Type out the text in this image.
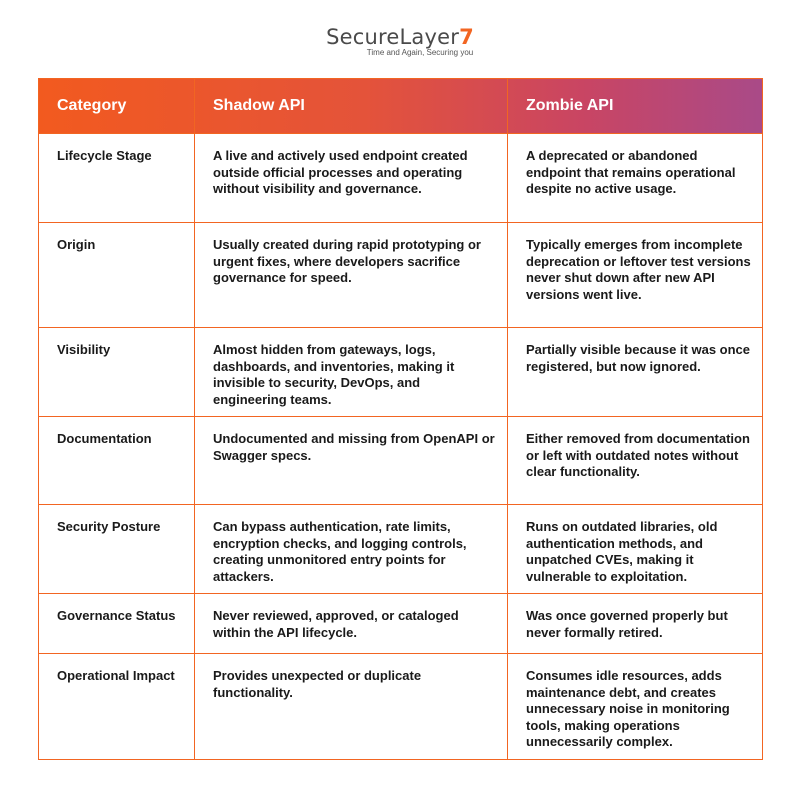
SecureLayer7
Time and Again, Securing you
Category	Shadow API	Zombie API
Lifecycle Stage	A live and actively used endpoint created outside official processes and operating without visibility and governance.	A deprecated or abandoned endpoint that remains operational despite no active usage.
Origin	Usually created during rapid prototyping or urgent fixes, where developers sacrifice governance for speed.	Typically emerges from incomplete deprecation or leftover test versions never shut down after new API versions went live.
Visibility	Almost hidden from gateways, logs, dashboards, and inventories, making it invisible to security, DevOps, and engineering teams.	Partially visible because it was once registered, but now ignored.
Documentation	Undocumented and missing from OpenAPI or Swagger specs.	Either removed from documentation or left with outdated notes without clear functionality.
Security Posture	Can bypass authentication, rate limits, encryption checks, and logging controls, creating unmonitored entry points for attackers.	Runs on outdated libraries, old authentication methods, and unpatched CVEs, making it vulnerable to exploitation.
Governance Status	Never reviewed, approved, or cataloged within the API lifecycle.	Was once governed properly but never formally retired.
Operational Impact	Provides unexpected or duplicate functionality.	Consumes idle resources, adds maintenance debt, and creates unnecessary noise in monitoring tools, making operations unnecessarily complex.
